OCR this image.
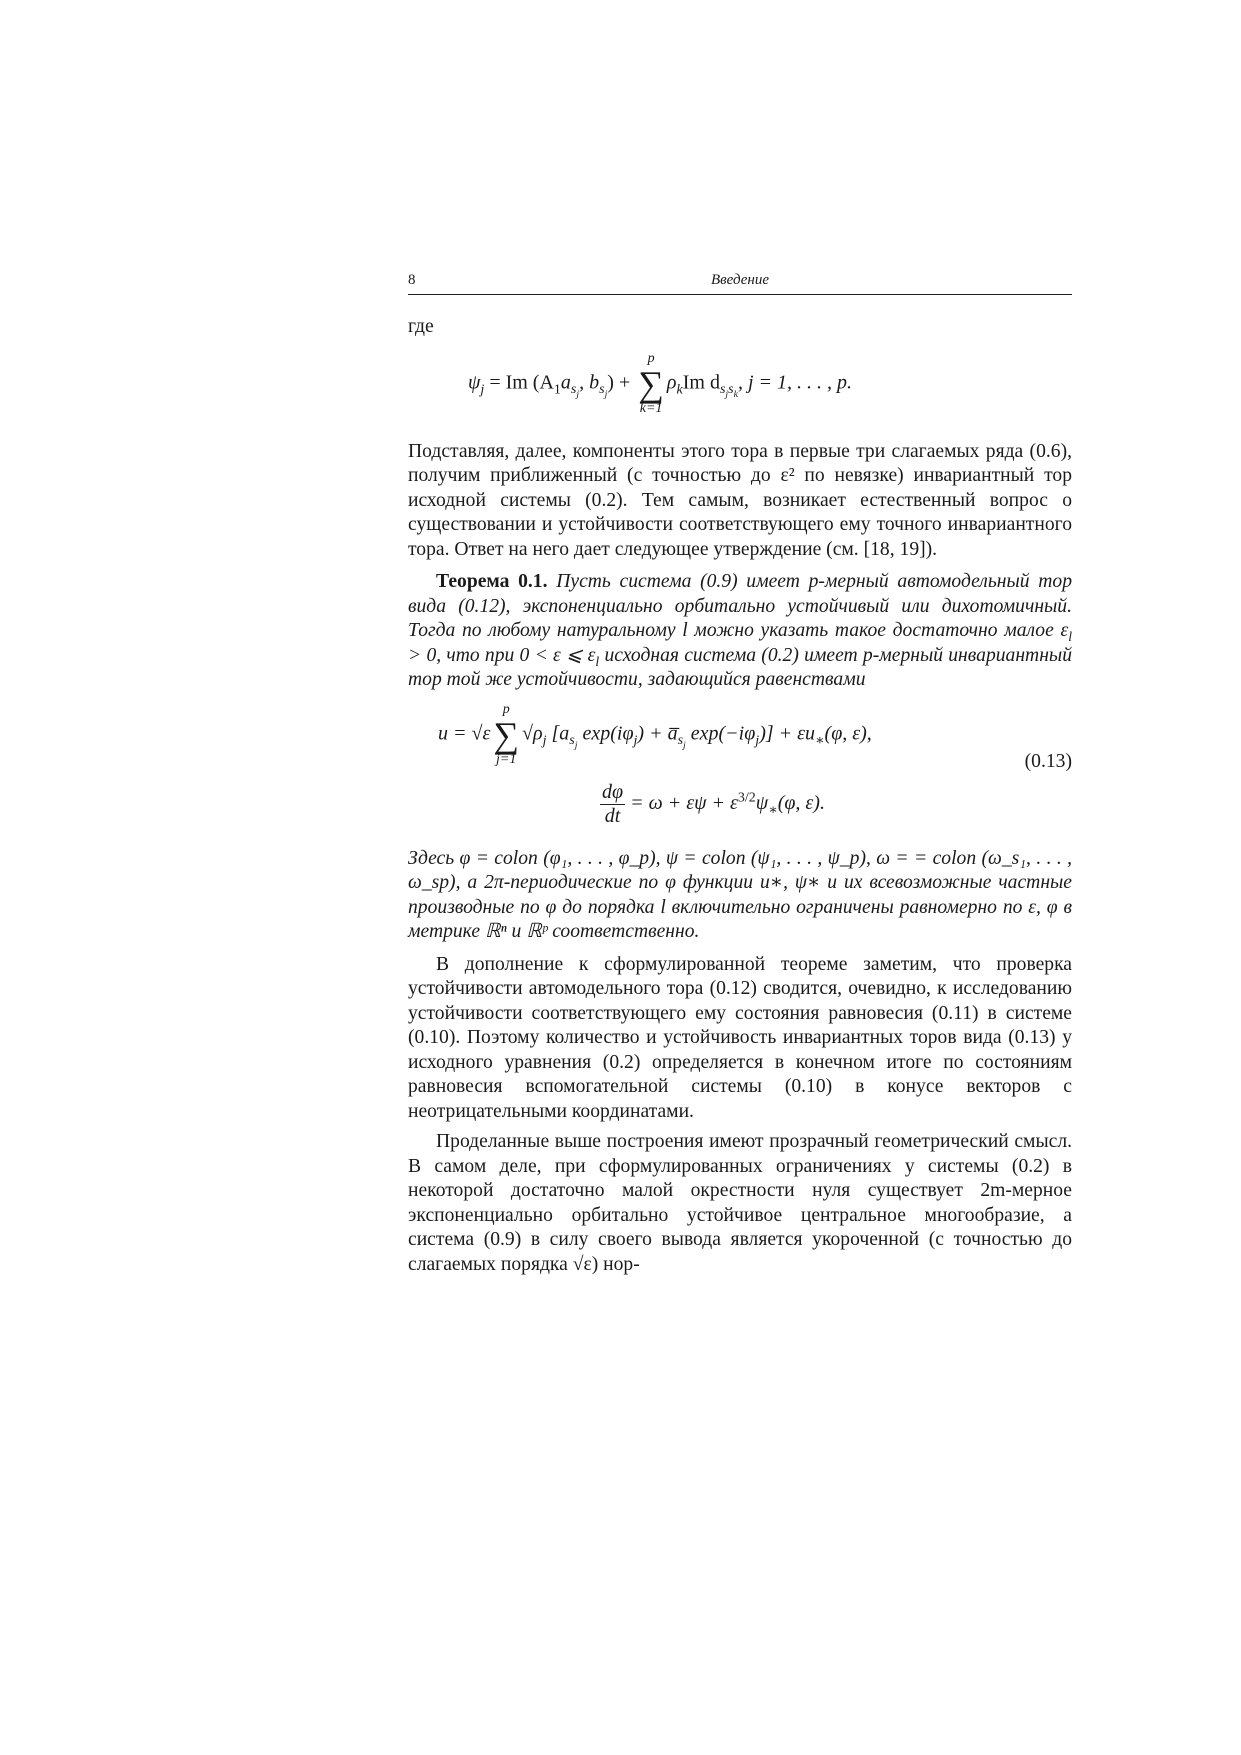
8	Введение

где

$\psi_j = Im$ ($A_1a_{s_j}$, $b_{s_j}$) +
p
∑
k=1
$\rho_kIm$ $d_{s_js_k}$, j = 1, . . . , p.

Подставляя, далее, компоненты этого тора в первые три слагаемых ряда (0.6), получим приближенный (с точностью до ε² по невязке) инвариантный тор исходной системы (0.2). Тем самым, возникает естественный вопрос о существовании и устойчивости соответствующего ему точного инвариантного тора. Ответ на него дает следующее утверждение (см. [18, 19]).

Теорема 0.1. Пусть система (0.9) имеет p-мерный автомодельный тор вида (0.12), экспоненциально орбитально устойчивый или дихотомичный. Тогда по любому натуральному l можно указать такое достаточно малое $\varepsilon_l > 0$, что при 0 < ε ⩽ $\varepsilon_l$ исходная система (0.2) имеет p-мерный инвариантный тор той же устойчивости, задающийся равенствами

u = √ε
p
∑
j=1
$√\rho_j$ [$a_{s_j}$ $\exp(i\varphi_j)$ + $a̅_{s_j}$ $\exp(-i\varphi_j)] + \varepsilon u_∗(\varphi$, ε),
(0.13)
$\frac{d\varphi}{dt} = \omega + \varepsilon\psi + \varepsilon^{3/2}\psi_∗(\varphi$, ε).

Здесь φ = colon (φ₁, . . . , φ_p), ψ = colon (ψ₁, . . . , ψ_p), ω = = colon (ω_s₁, . . . , ω_sp), а 2π-периодические по φ функции u∗, ψ∗ и их всевозможные частные производные по φ до порядка l включительно ограничены равномерно по ε, φ в метрике ℝⁿ и ℝᵖ соответственно.

В дополнение к сформулированной теореме заметим, что проверка устойчивости автомодельного тора (0.12) сводится, очевидно, к исследованию устойчивости соответствующего ему состояния равновесия (0.11) в системе (0.10). Поэтому количество и устойчивость инвариантных торов вида (0.13) у исходного уравнения (0.2) определяется в конечном итоге по состояниям равновесия вспомогательной системы (0.10) в конусе векторов с неотрицательными координатами.

Проделанные выше построения имеют прозрачный геометрический смысл. В самом деле, при сформулированных ограничениях у системы (0.2) в некоторой достаточно малой окрестности нуля существует 2m-мерное экспоненциально орбитально устойчивое центральное многообразие, а система (0.9) в силу своего вывода является укороченной (с точностью до слагаемых порядка √ε) нор-
